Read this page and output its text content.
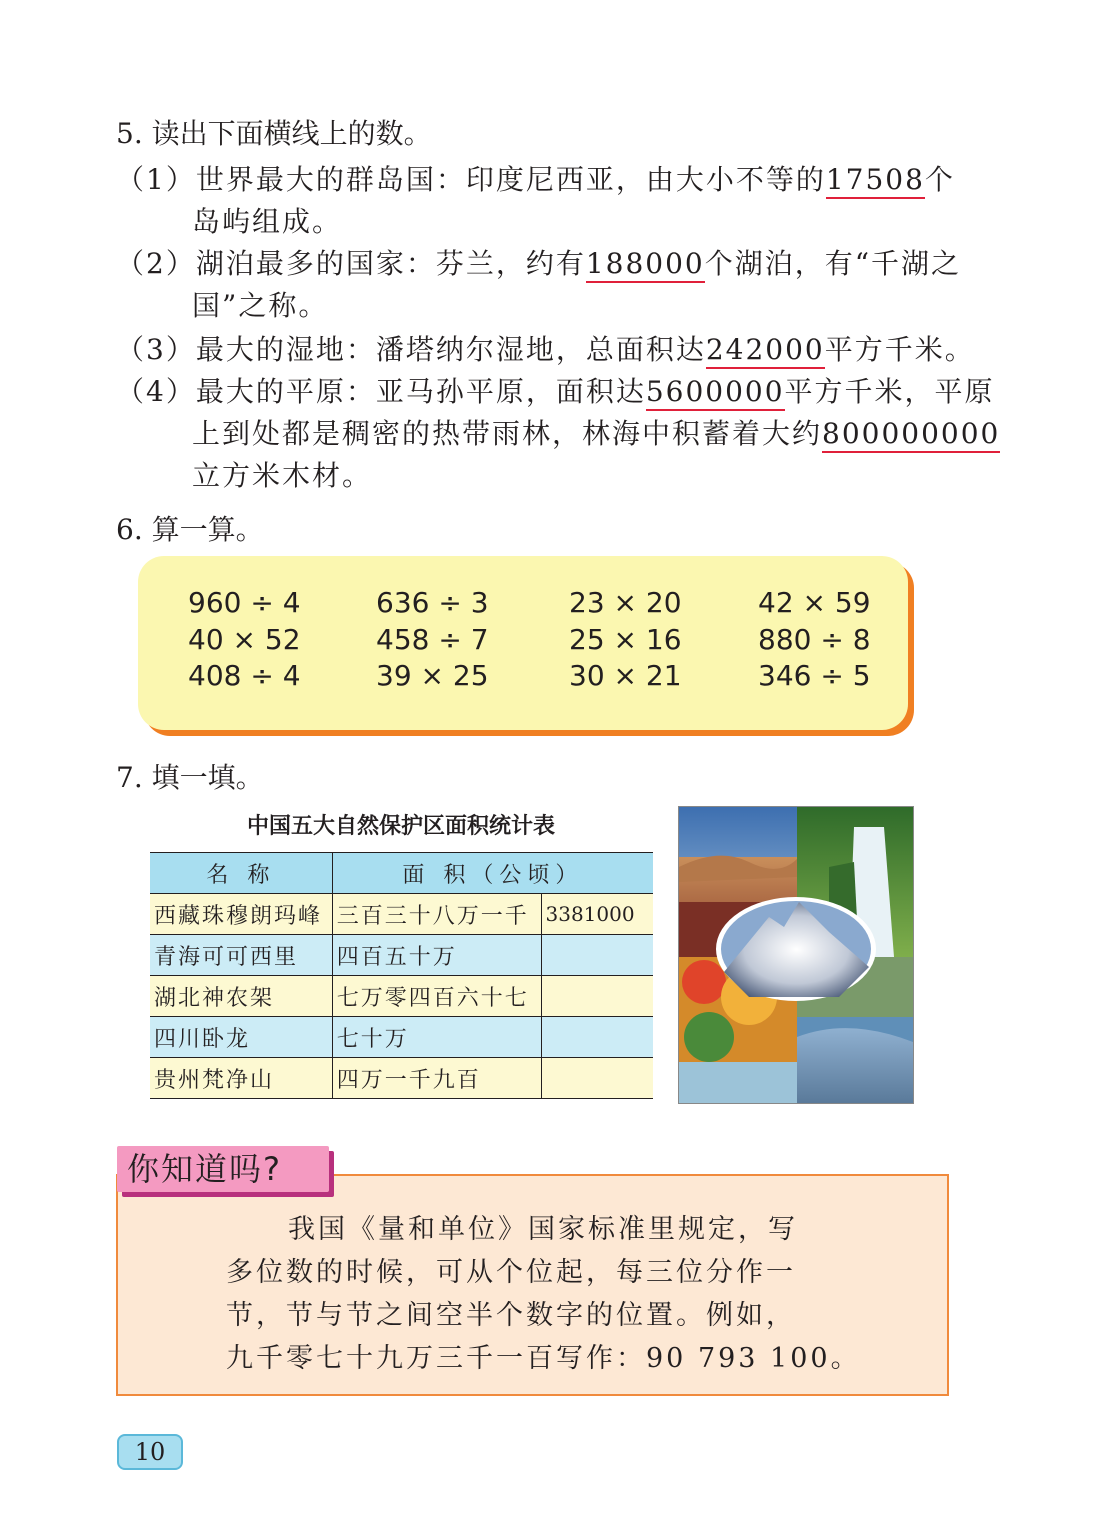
5. 读出下面横线上的数。
（1）世界最大的群岛国：印度尼西亚，由大小不等的17508个
岛屿组成。
（2）湖泊最多的国家：芬兰，约有188000个湖泊，有“千湖之
国”之称。
（3）最大的湿地：潘塔纳尔湿地，总面积达242000平方千米。
（4）最大的平原：亚马孙平原，面积达5600000平方千米，平原
上到处都是稠密的热带雨林，林海中积蓄着大约800000000
立方米木材。
6. 算一算。
960 ÷ 4	636 ÷ 3	23 × 20	42 × 59
40 × 52	458 ÷ 7	25 × 16	880 ÷ 8
408 ÷ 4	39 × 25	30 × 21	346 ÷ 5
7. 填一填。
中国五大自然保护区面积统计表
名 称	面 积（公顷）	
西藏珠穆朗玛峰	三百三十八万一千	3381000
青海可可西里	四百五十万	
湖北神农架	七万零四百六十七	
四川卧龙	七十万	
贵州梵净山	四万一千九百	
我国《量和单位》国家标准里规定，写
多位数的时候，可从个位起，每三位分作一
节，节与节之间空半个数字的位置。例如，
九千零七十九万三千一百写作：90 793 100。
你知道吗?
10
